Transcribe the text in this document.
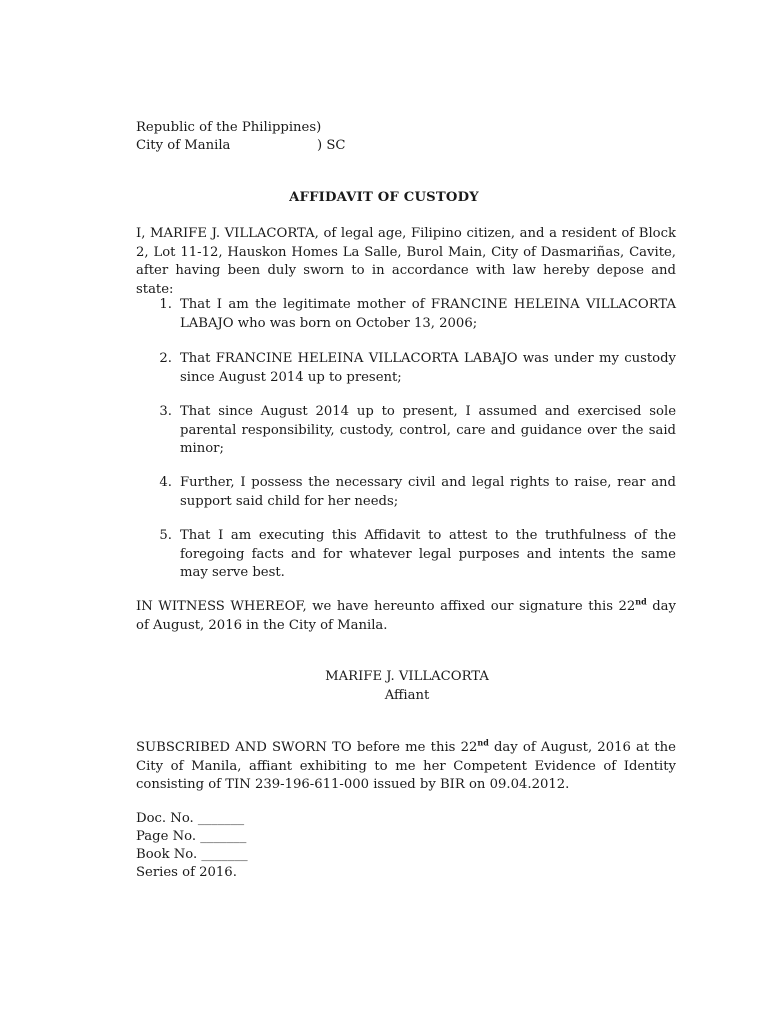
Republic of the Philippines)
City of Manila	) SC
AFFIDAVIT OF CUSTODY
I, MARIFE J. VILLACORTA, of legal age, Filipino citizen, and a resident of Block 2, Lot 11-12, Hauskon Homes La Salle, Burol Main, City of Dasmariñas, Cavite, after having been duly sworn to in accordance with law hereby depose and state:
1. That I am the legitimate mother of FRANCINE HELEINA VILLACORTA LABAJO who was born on October 13, 2006;
2. That FRANCINE HELEINA VILLACORTA LABAJO was under my custody since August 2014 up to present;
3. That since August 2014 up to present, I assumed and exercised sole parental responsibility, custody, control, care and guidance over the said minor;
4. Further, I possess the necessary civil and legal rights to raise, rear and support said child for her needs;
5. That I am executing this Affidavit to attest to the truthfulness of the foregoing facts and for whatever legal purposes and intents the same may serve best.
IN WITNESS WHEREOF, we have hereunto affixed our signature this 22nd day of August, 2016 in the City of Manila.
MARIFE J. VILLACORTA
Affiant
SUBSCRIBED AND SWORN TO before me this 22nd day of August, 2016 at the City of Manila, affiant exhibiting to me her Competent Evidence of Identity consisting of TIN 239-196-611-000 issued by BIR on 09.04.2012.
Doc. No. _______
Page No. _______
Book No. _______
Series of 2016.
